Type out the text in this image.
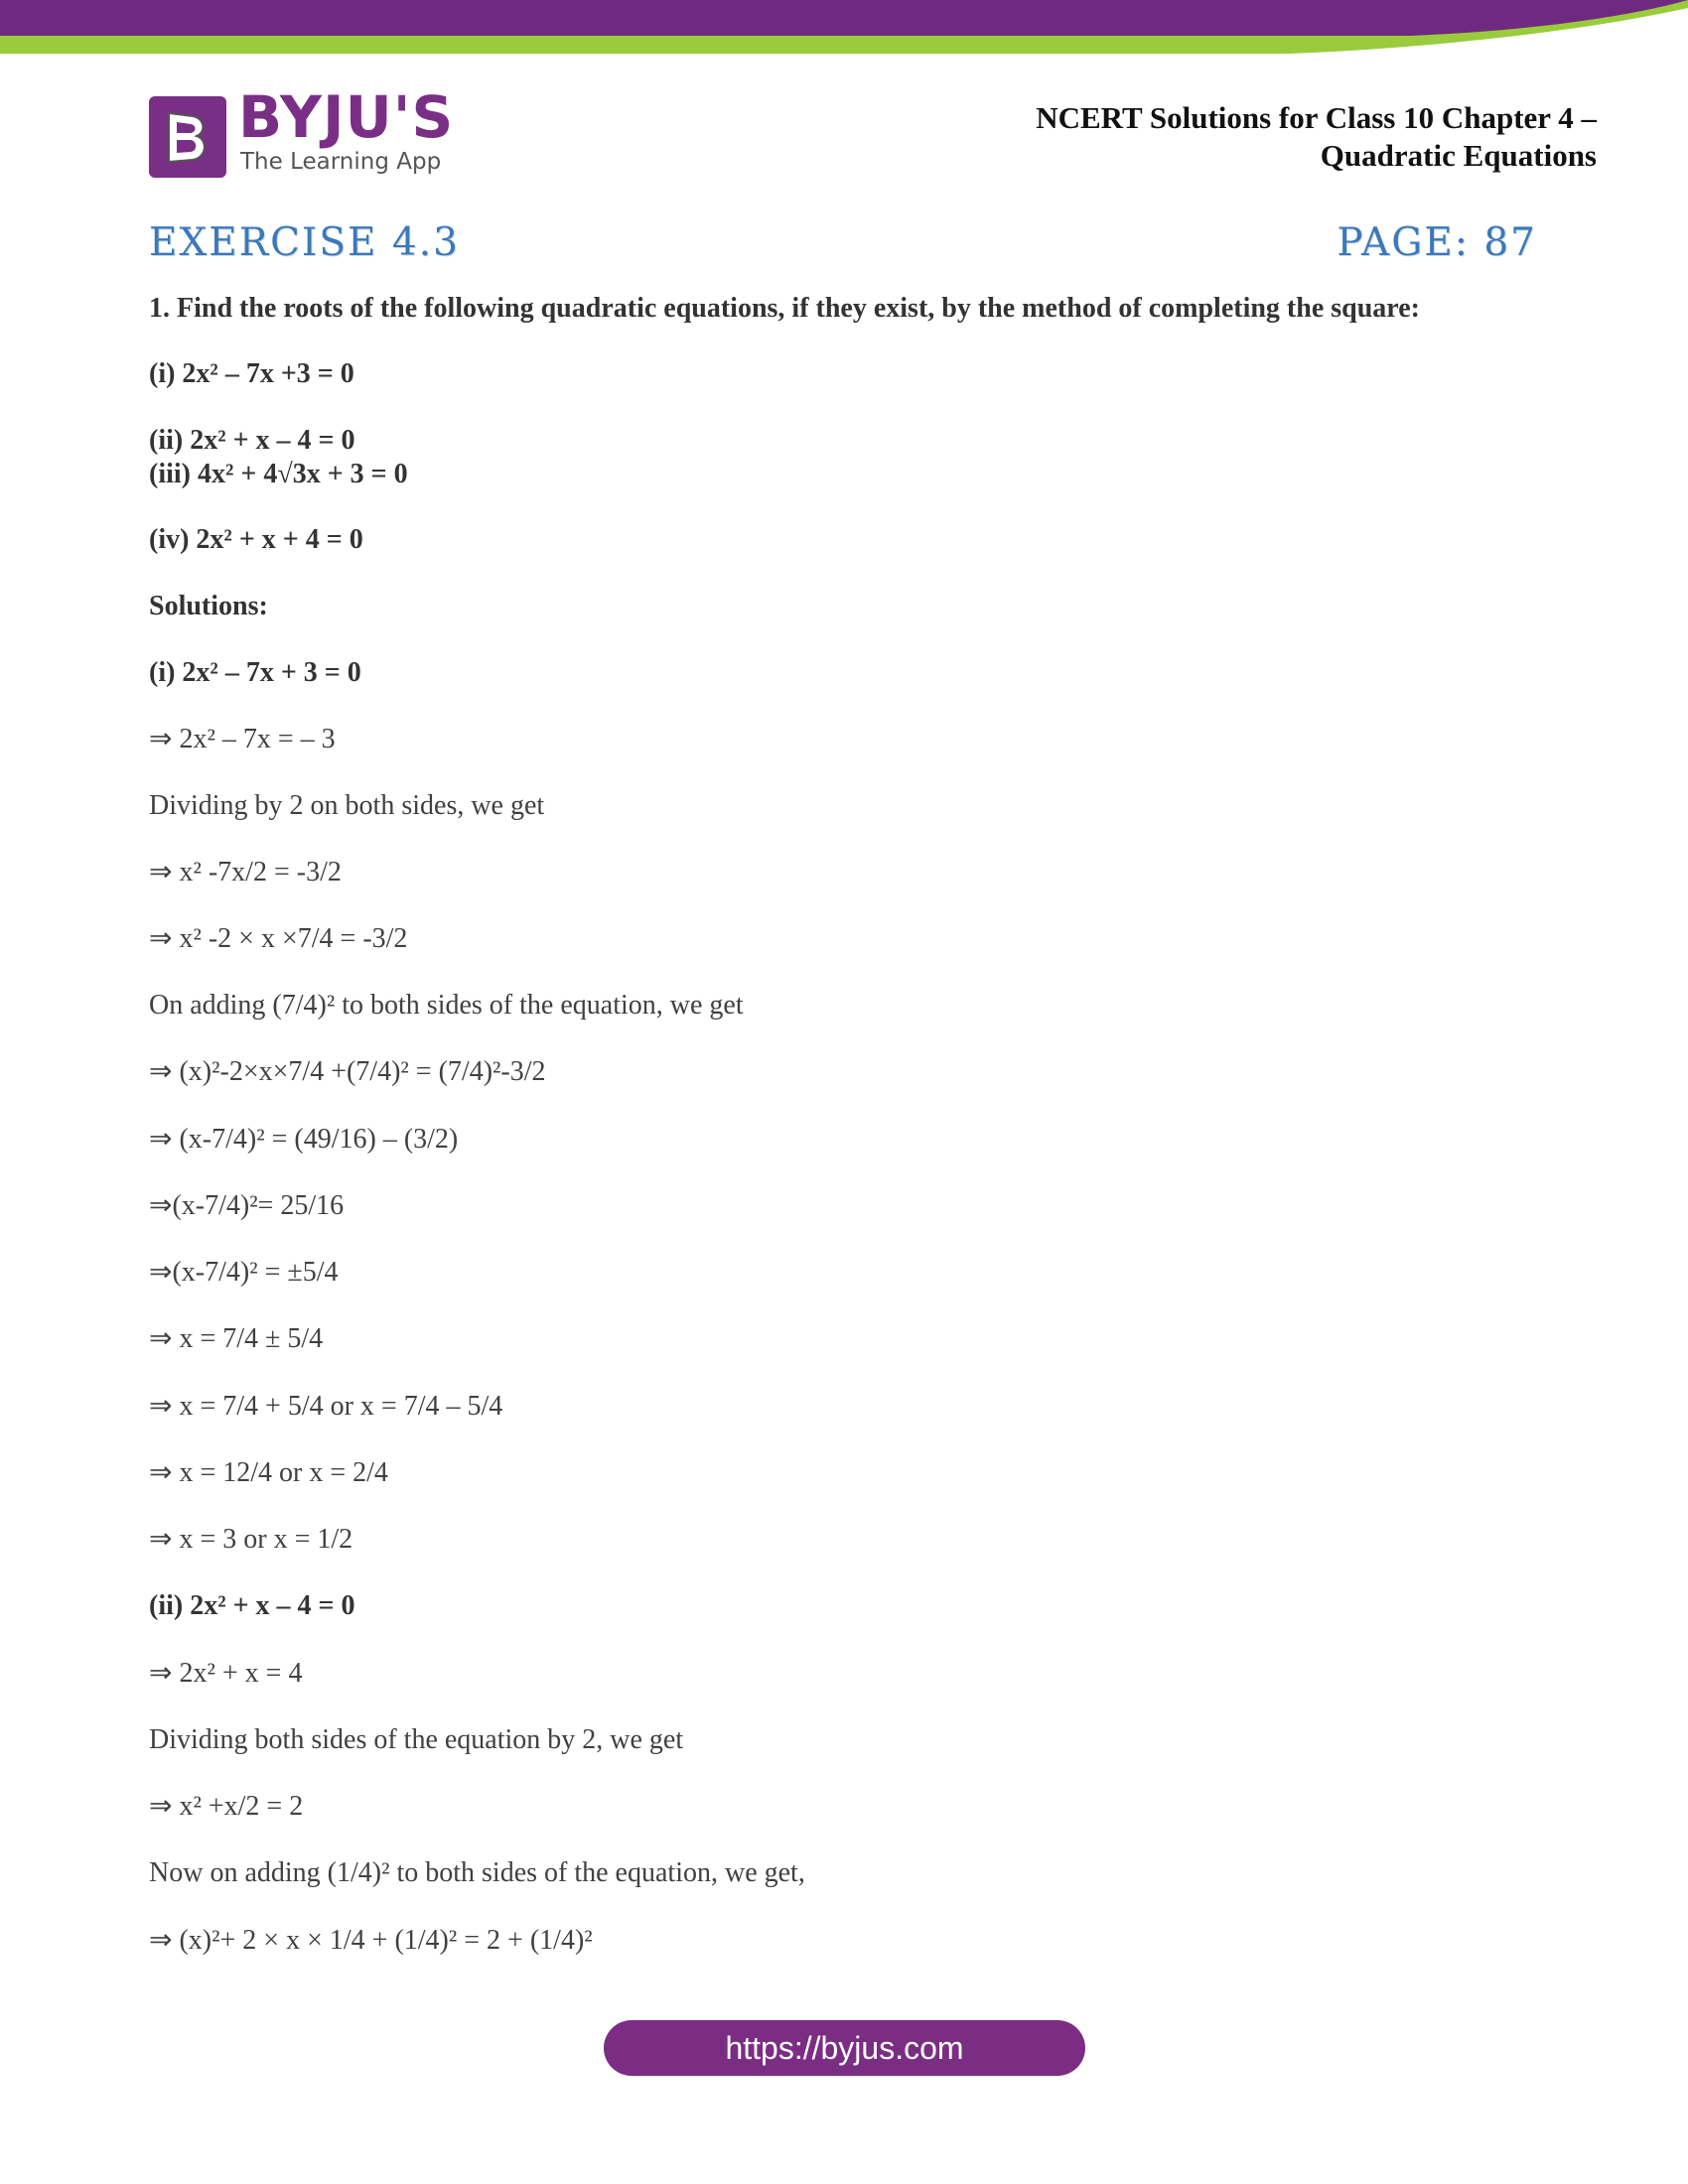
BYJU'S
The Learning App
NCERT Solutions for Class 10 Chapter 4 –
Quadratic Equations
EXERCISE 4.3	PAGE: 87
1. Find the roots of the following quadratic equations, if they exist, by the method of completing the square:
(i) 2x² – 7x +3 = 0
(ii) 2x² + x – 4 = 0
(iii) 4x² + 4√3x + 3 = 0
(iv) 2x² + x + 4 = 0
Solutions:
(i) 2x² – 7x + 3 = 0
⇒ 2x² – 7x = – 3
Dividing by 2 on both sides, we get
⇒ x² -7x/2 = -3/2
⇒ x² -2 × x ×7/4 = -3/2
On adding (7/4)² to both sides of the equation, we get
⇒ (x)²-2×x×7/4 +(7/4)² = (7/4)²-3/2
⇒ (x-7/4)² = (49/16) – (3/2)
⇒(x-7/4)²= 25/16
⇒(x-7/4)² = ±5/4
⇒ x = 7/4 ± 5/4
⇒ x = 7/4 + 5/4 or x = 7/4 – 5/4
⇒ x = 12/4 or x = 2/4
⇒ x = 3 or x = 1/2
(ii) 2x² + x – 4 = 0
⇒ 2x² + x = 4
Dividing both sides of the equation by 2, we get
⇒ x² +x/2 = 2
Now on adding (1/4)² to both sides of the equation, we get,
⇒ (x)²+ 2 × x × 1/4 + (1/4)² = 2 + (1/4)²
https://byjus.com
